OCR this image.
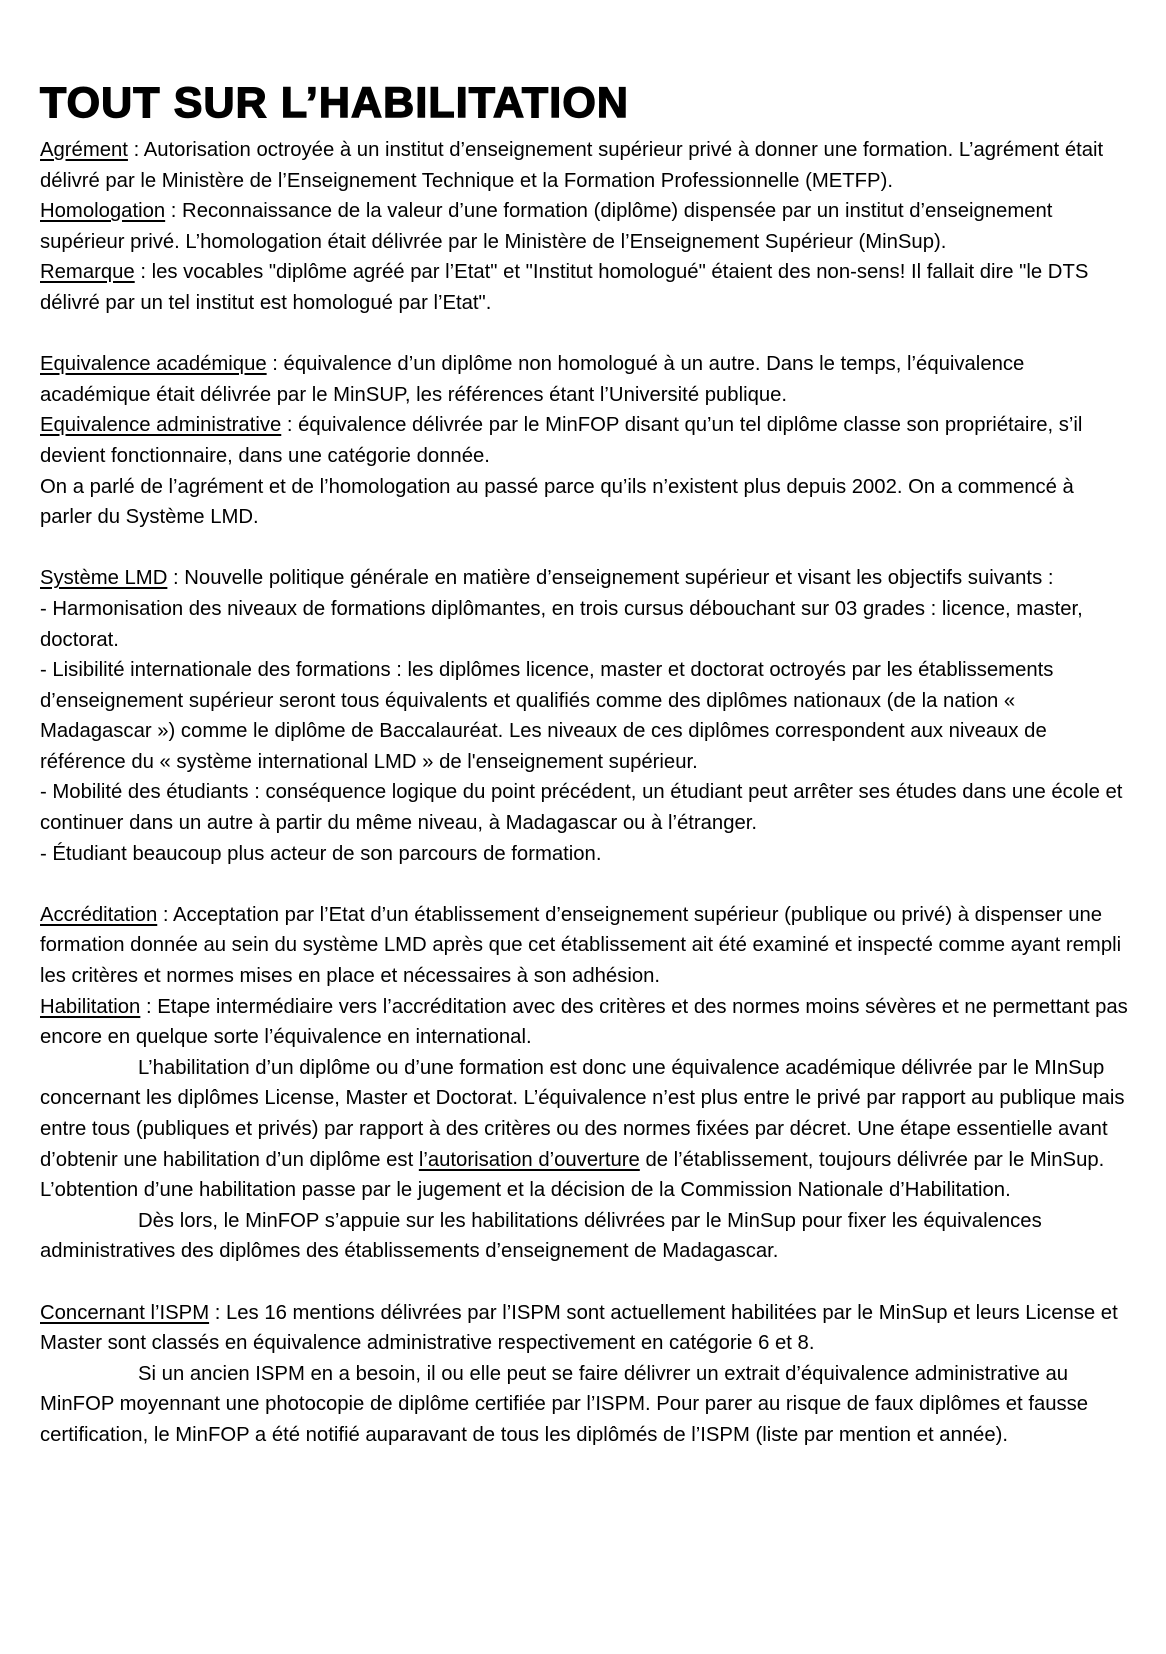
TOUT SUR L’HABILITATION

Agrément : Autorisation octroyée à un institut d’enseignement supérieur privé à donner une formation. L’agrément était délivré par le Ministère de l’Enseignement Technique et la Formation Professionnelle (METFP).

Homologation : Reconnaissance de la valeur d’une formation (diplôme) dispensée par un institut d’enseignement supérieur privé. L’homologation était délivrée par le Ministère de l’Enseignement Supérieur (MinSup).

Remarque : les vocables "diplôme agréé par l’Etat" et "Institut homologué" étaient des non-sens! Il fallait dire "le DTS délivré par un tel institut est homologué par l’Etat".

Equivalence académique : équivalence d’un diplôme non homologué à un autre. Dans le temps, l’équivalence académique était délivrée par le MinSUP, les références étant l’Université publique.

Equivalence administrative : équivalence délivrée par le MinFOP disant qu’un tel diplôme classe son propriétaire, s’il devient fonctionnaire, dans une catégorie donnée.

On a parlé de l’agrément et de l’homologation au passé parce qu’ils n’existent plus depuis 2002. On a commencé à parler du Système LMD.

Système LMD : Nouvelle politique générale en matière d’enseignement supérieur et visant les objectifs suivants :

- Harmonisation des niveaux de formations diplômantes, en trois cursus débouchant sur 03 grades : licence, master, doctorat.

- Lisibilité internationale des formations : les diplômes licence, master et doctorat octroyés par les établissements d’enseignement supérieur seront tous équivalents et qualifiés comme des diplômes nationaux (de la nation « Madagascar ») comme le diplôme de Baccalauréat. Les niveaux de ces diplômes correspondent aux niveaux de référence du « système international LMD » de l'enseignement supérieur.

- Mobilité des étudiants : conséquence logique du point précédent, un étudiant peut arrêter ses études dans une école et continuer dans un autre à partir du même niveau, à Madagascar ou à l’étranger.

- Étudiant beaucoup plus acteur de son parcours de formation.

Accréditation : Acceptation par l’Etat d’un établissement d’enseignement supérieur (publique ou privé) à dispenser une formation donnée au sein du système LMD après que cet établissement ait été examiné et inspecté comme ayant rempli les critères et normes mises en place et nécessaires à son adhésion.

Habilitation : Etape intermédiaire vers l’accréditation avec des critères et des normes moins sévères et ne permettant pas encore en quelque sorte l’équivalence en international.

L’habilitation d’un diplôme ou d’une formation est donc une équivalence académique délivrée par le MInSup concernant les diplômes License, Master et Doctorat. L’équivalence n’est plus entre le privé par rapport au publique mais entre tous (publiques et privés) par rapport à des critères ou des normes fixées par décret. Une étape essentielle avant d’obtenir une habilitation d’un diplôme est l’autorisation d’ouverture de l’établissement, toujours délivrée par le MinSup. L’obtention d’une habilitation passe par le jugement et la décision de la Commission Nationale d’Habilitation.

Dès lors, le MinFOP s’appuie sur les habilitations délivrées par le MinSup pour fixer les équivalences administratives des diplômes des établissements d’enseignement de Madagascar.

Concernant l’ISPM : Les 16 mentions délivrées par l’ISPM sont actuellement habilitées par le MinSup et leurs License et Master sont classés en équivalence administrative respectivement en catégorie 6 et 8.

Si un ancien ISPM en a besoin, il ou elle peut se faire délivrer un extrait d’équivalence administrative au MinFOP moyennant une photocopie de diplôme certifiée par l’ISPM. Pour parer au risque de faux diplômes et fausse certification, le MinFOP a été notifié auparavant de tous les diplômés de l’ISPM (liste par mention et année).
